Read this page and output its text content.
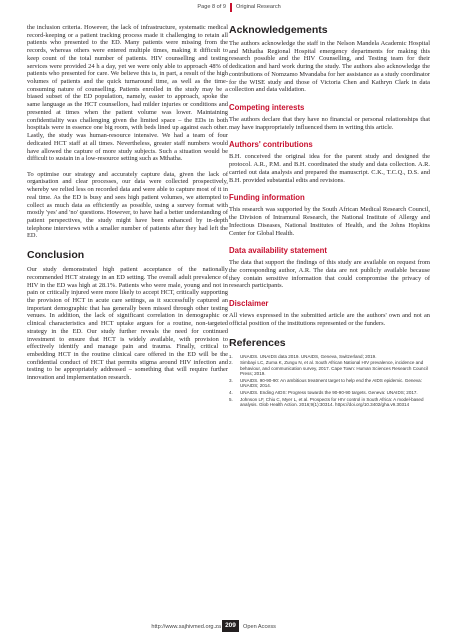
Page 8 of 9 Original Research

the inclusion criteria. However, the lack of infrastructure, systematic medical record-keeping or a patient tracking process made it challenging to retain all patients who presented to the ED. Many patients were missing from the records, whereas others were entered multiple times, making it difficult to keep count of the total number of patients. HIV counselling and testing services were provided 24 h a day, yet we were only able to approach 48% of patients who presented for care. We believe this is, in part, a result of the high volumes of patients and the quick turnaround time, as well as the time-consuming nature of counselling. Patients enrolled in the study may be a biased subset of the ED population, namely, easier to approach, spoke the same language as the HCT counsellors, had milder injuries or conditions and presented at times when the patient volume was lower. Maintaining confidentiality was challenging given the limited space – the EDs in both hospitals were in essence one big room, with beds lined up against each other. Lastly, the study was human-resource intensive. We had a team of four dedicated HCT staff at all times. Nevertheless, greater staff numbers would have allowed the capture of more study subjects. Such a situation would be difficult to sustain in a low-resource setting such as Mthatha.

To optimise our strategy and accurately capture data, given the lack of organisation and clear processes, our data were collected prospectively, whereby we relied less on recorded data and were able to capture most of it in real time. As the ED is busy and sees high patient volumes, we attempted to collect as much data as efficiently as possible, using a survey format with mostly 'yes' and 'no' questions. However, to have had a better understanding of patient perspectives, the study might have been enhanced by in-depth telephone interviews with a smaller number of patients after they had left the ED.

Conclusion

Our study demonstrated high patient acceptance of the nationally recommended HCT strategy in an ED setting. The overall adult prevalence of HIV in the ED was high at 28.1%. Patients who were male, young and not in pain or critically injured were more likely to accept HCT, critically supporting the provision of HCT in acute care settings, as it successfully captured an important demographic that has generally been missed through other testing venues. In addition, the lack of significant correlation in demographic or clinical characteristics and HCT uptake argues for a routine, non-targeted strategy in the ED. Our study further reveals the need for continued investment to ensure that HCT is widely available, with provision to effectively identify and manage pain and trauma. Finally, critical to embedding HCT in the routine clinical care offered in the ED will be the confidential conduct of HCT that permits stigma around HIV infection and testing to be appropriately addressed – something that will require further innovation and implementation research.

Acknowledgements

The authors acknowledge the staff in the Nelson Mandela Academic Hospital and Mthatha Regional Hospital emergency departments for making this research possible and the HIV Counselling, and Testing team for their dedication and hard work during the study. The authors also acknowledge the contributions of Nomzamo Mvandaba for her assistance as a study coordinator for the WISE study and those of Victoria Chen and Kathryn Clark in data collection and data validation.

Competing interests

The authors declare that they have no financial or personal relationships that may have inappropriately influenced them in writing this article.

Authors' contributions

B.H. conceived the original idea for the parent study and designed the protocol. A.R., P.M. and B.H. coordinated the study and data collection. A.R. carried out data analysis and prepared the manuscript. C.K., T.C.Q., D.S. and B.H. provided substantial edits and revisions.

Funding information

This research was supported by the South African Medical Research Council, the Division of Intramural Research, the National Institute of Allergy and Infectious Diseases, National Institutes of Health, and the Johns Hopkins Center for Global Health.

Data availability statement

The data that support the findings of this study are available on request from the corresponding author, A.R. The data are not publicly available because they contain sensitive information that could compromise the privacy of research participants.

Disclaimer

All views expressed in the submitted article are the authors' own and not an official position of the institutions represented or the funders.

References
1. UNAIDS. UNAIDS data 2019. UNAIDS, Geneva, Switzerland; 2019.
2. Simbayi LC, Zuma K, Zungu N, et al. South African National HIV prevalence, incidence and behaviour, and communication survey, 2017. Cape Town: Human Sciences Research Council Press; 2019.
3. UNAIDS. 90-90-90: An ambitious treatment target to help end the AIDS epidemic. Geneva: UNAIDS; 2014.
4. UNAIDS. Ending AIDS: Progress towards the 90-90-90 targets. Geneva: UNAIDS; 2017.
5. Johnson LF, Chiu C, Myer L, et al. Prospects for HIV control in South Africa: A model-based analysis. Glob Health Action. 2016;9(1):30314. https://doi.org/10.3402/gha.v9.30314
http://www.sajhivmed.org.za 209	Open Access
